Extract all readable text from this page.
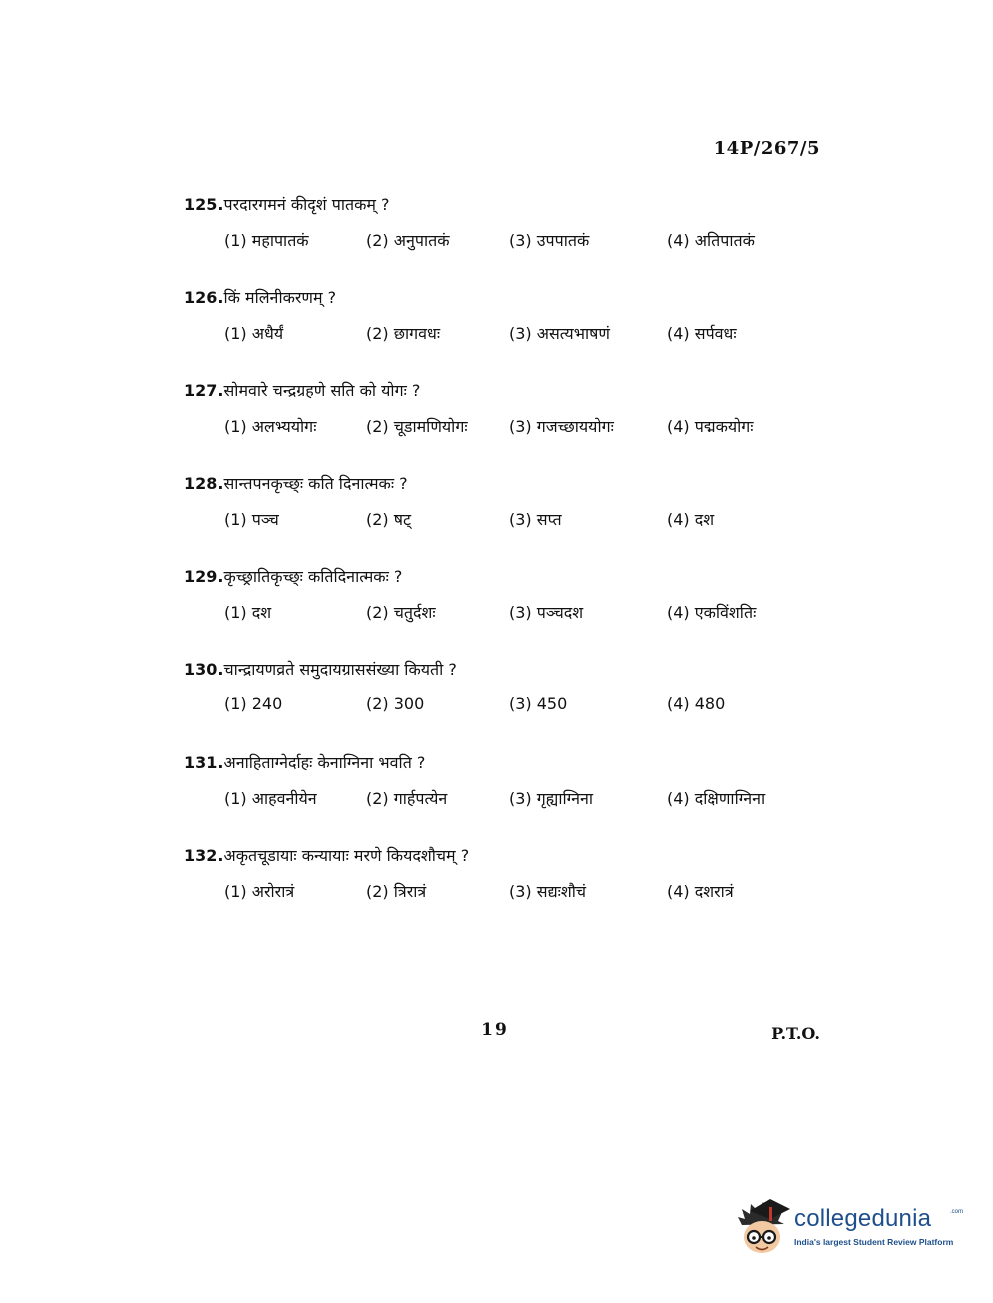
14P/267/5
125.परदारगमनं कीदृशं पातकम् ?
(1) महापातकं	(2) अनुपातकं	(3) उपपातकं	(4) अतिपातकं
126.किं मलिनीकरणम् ?
(1) अधैर्यं	(2) छागवधः	(3) असत्यभाषणं	(4) सर्पवधः
127.सोमवारे चन्द्रग्रहणे सति को योगः ?
(1) अलभ्ययोगः	(2) चूडामणियोगः	(3) गजच्छाययोगः	(4) पद्मकयोगः
128.सान्तपनकृच्छ्ः कति दिनात्मकः ?
(1) पञ्च	(2) षट्	(3) सप्त	(4) दश
129.कृच्छ्रातिकृच्छ्ः कतिदिनात्मकः ?
(1) दश	(2) चतुर्दशः	(3) पञ्चदश	(4) एकविंशतिः
130.चान्द्रायणव्रते समुदायग्राससंख्या कियती ?
(1) 240	(2) 300	(3) 450	(4) 480
131.अनाहिताग्नेर्दाहः केनाग्निना भवति ?
(1) आहवनीयेन	(2) गार्हपत्येन	(3) गृह्याग्निना	(4) दक्षिणाग्निना
132.अकृतचूडायाः कन्यायाः मरणे कियदशौचम् ?
(1) अरोरात्रं	(2) त्रिरात्रं	(3) सद्यःशौचं	(4) दशरात्रं
19	P.T.O.
collegedunia	.com
India's largest Student Review Platform
